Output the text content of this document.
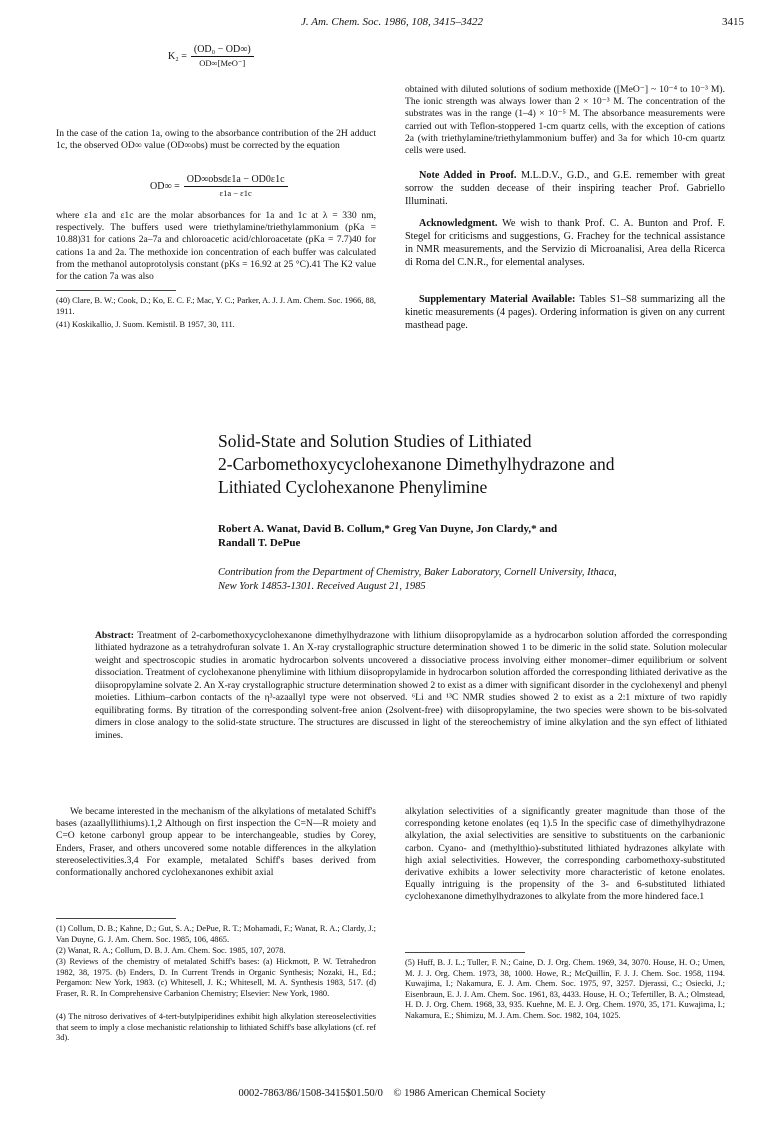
J. Am. Chem. Soc. 1986, 108, 3415–3422	3415
$K_2 = \frac{\text{(OD₀ − OD∞)}}{\text{OD∞[MeO⁻]}}$

In the case of the cation 1a, owing to the absorbance contribution of the 2H adduct 1c, the observed OD∞ value (OD∞obs) must be corrected by the equation

$OD\infty = \frac{\text{OD∞obsdε1a − OD0ε1c}}{\varepsilon 1a - \varepsilon 1c}$

where ε1a and ε1c are the molar absorbances for 1a and 1c at λ = 330 nm, respectively. The buffers used were triethylamine/triethylammonium (pKa = 10.88)31 for cations 2a–7a and chloroacetic acid/chloroacetate (pKa = 7.7)40 for cations 1a and 2a. The methoxide ion concentration of each buffer was calculated from the methanol autoprotolysis constant (pKs = 16.92 at 25 °C).41 The K2 value for the cation 7a was also

(40) Clare, B. W.; Cook, D.; Ko, E. C. F.; Mac, Y. C.; Parker, A. J. J. Am. Chem. Soc. 1966, 88, 1911.

(41) Koskikallio, J. Suom. Kemistil. B 1957, 30, 111.

obtained with diluted solutions of sodium methoxide ([MeO⁻] ~ 10⁻⁴ to 10⁻³ M). The ionic strength was always lower than 2 × 10⁻³ M. The concentration of the substrates was in the range (1–4) × 10⁻⁵ M. The absorbance measurements were carried out with Teflon-stoppered 1-cm quartz cells, with the exception of cations 2a (with triethylamine/triethylammonium buffer) and 3a for which 10-cm quartz cells were used.

Note Added in Proof. M.L.D.V., G.D., and G.E. remember with great sorrow the sudden decease of their inspiring teacher Prof. Gabriello Illuminati.

Acknowledgment. We wish to thank Prof. C. A. Bunton and Prof. F. Stegel for criticisms and suggestions, G. Frachey for the technical assistance in NMR measurements, and the Servizio di Microanalisi, Area della Ricerca di Roma del C.N.R., for elemental analyses.

Supplementary Material Available: Tables S1–S8 summarizing all the kinetic measurements (4 pages). Ordering information is given on any current masthead page.

Solid-State and Solution Studies of Lithiated
2-Carbomethoxycyclohexanone Dimethylhydrazone and
Lithiated Cyclohexanone Phenylimine
Robert A. Wanat, David B. Collum,* Greg Van Duyne, Jon Clardy,* and
Randall T. DePue
Contribution from the Department of Chemistry, Baker Laboratory, Cornell University, Ithaca,
New York 14853-1301. Received August 21, 1985

Abstract: Treatment of 2-carbomethoxycyclohexanone dimethylhydrazone with lithium diisopropylamide as a hydrocarbon solution afforded the corresponding lithiated hydrazone as a tetrahydrofuran solvate 1. An X-ray crystallographic structure determination showed 1 to be dimeric in the solid state. Solution molecular weight and spectroscopic studies in aromatic hydrocarbon solvents uncovered a dissociative process involving either monomer–dimer equilibrium or solvent dissociation. Treatment of cyclohexanone phenylimine with lithium diisopropylamide in hydrocarbon solution afforded the corresponding lithiated derivative as the diisopropylamine solvate 2. An X-ray crystallographic structure determination showed 2 to exist as a dimer with significant disorder in the cyclohexenyl and phenyl moieties. Lithium–carbon contacts of the η³-azaallyl type were not observed. ⁶Li and ¹³C NMR studies showed 2 to exist as a 2:1 mixture of two rapidly equilibrating forms. By titration of the corresponding solvent-free anion (2solvent-free) with diisopropylamine, the two species were shown to be bis-solvated dimers in close analogy to the solid-state structure. The structures are discussed in light of the stereochemistry of imine alkylation and the syn effect of lithiated imines.

We became interested in the mechanism of the alkylations of metalated Schiff's bases (azaallyllithiums).1,2 Although on first inspection the C=N—R moiety and C=O ketone carbonyl group appear to be interchangeable, studies by Corey, Enders, Fraser, and others uncovered some notable differences in the alkylation stereoselectivities.3,4 For example, metalated Schiff's bases derived from conformationally anchored cyclohexanones exhibit axial

alkylation selectivities of a significantly greater magnitude than those of the corresponding ketone enolates (eq 1).5 In the specific case of dimethylhydrazone alkylation, the axial selectivities are sensitive to substituents on the carbanionic carbon. Cyano- and (methylthio)-substituted lithiated hydrazones alkylate with high axial selectivities. However, the corresponding carbomethoxy-substituted derivative exhibits a lower selectivity more characteristic of ketone enolates. Equally intriguing is the propensity of the 3- and 6-substituted lithiated cyclohexanone dimethylhydrazones to alkylate from the more hindered face.1

(1) Collum, D. B.; Kahne, D.; Gut, S. A.; DePue, R. T.; Mohamadi, F.; Wanat, R. A.; Clardy, J.; Van Duyne, G. J. Am. Chem. Soc. 1985, 106, 4865.

(2) Wanat, R. A.; Collum, D. B. J. Am. Chem. Soc. 1985, 107, 2078.

(3) Reviews of the chemistry of metalated Schiff's bases: (a) Hickmott, P. W. Tetrahedron 1982, 38, 1975. (b) Enders, D. In Current Trends in Organic Synthesis; Nozaki, H., Ed.; Pergamon: New York, 1983. (c) Whitesell, J. K.; Whitesell, M. A. Synthesis 1983, 517. (d) Fraser, R. R. In Comprehensive Carbanion Chemistry; Elsevier: New York, 1980.

(4) The nitroso derivatives of 4-tert-butylpiperidines exhibit high alkylation stereoselectivities that seem to imply a close mechanistic relationship to lithiated Schiff's base alkylations (cf. ref 3d).

(5) Huff, B. J. L.; Tuller, F. N.; Caine, D. J. Org. Chem. 1969, 34, 3070. House, H. O.; Umen, M. J. J. Org. Chem. 1973, 38, 1000. Howe, R.; McQuillin, F. J. J. Chem. Soc. 1958, 1194. Kuwajima, I.; Nakamura, E. J. Am. Chem. Soc. 1975, 97, 3257. Djerassi, C.; Osiecki, J.; Eisenbraun, E. J. J. Am. Chem. Soc. 1961, 83, 4433. House, H. O.; Tefertiller, B. A.; Olmstead, H. D. J. Org. Chem. 1968, 33, 935. Kuehne, M. E. J. Org. Chem. 1970, 35, 171. Kuwajima, I.; Nakamura, E.; Shimizu, M. J. Am. Chem. Soc. 1982, 104, 1025.

0002-7863/86/1508-3415$01.50/0 © 1986 American Chemical Society
